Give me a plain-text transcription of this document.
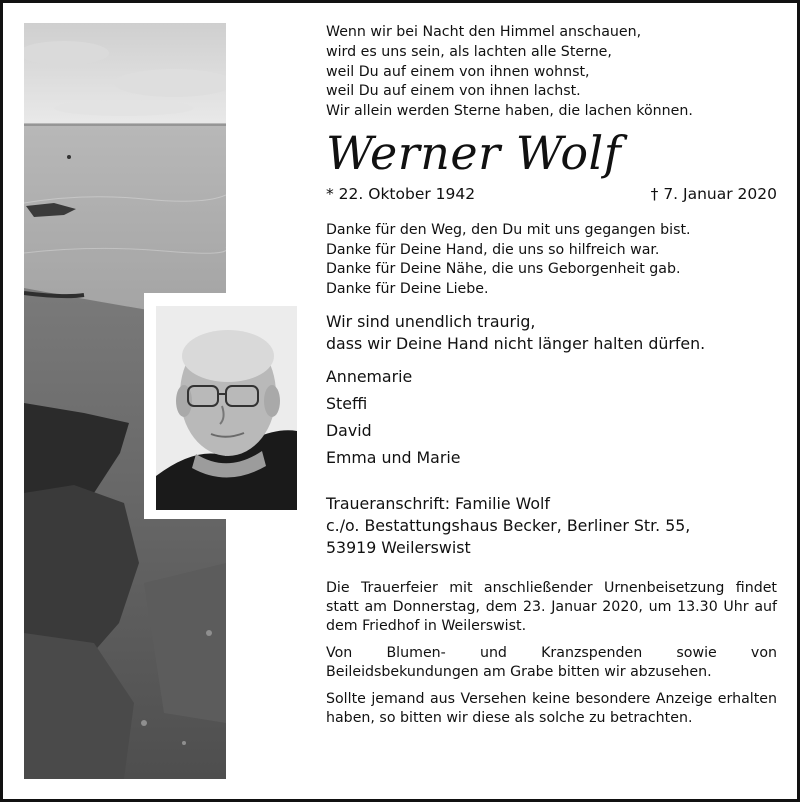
Wenn wir bei Nacht den Himmel anschauen,
wird es uns sein, als lachten alle Sterne,
weil Du auf einem von ihnen wohnst,
weil Du auf einem von ihnen lachst.
Wir allein werden Sterne haben, die lachen können.
Werner Wolf
* 22. Oktober 1942	† 7. Januar 2020
Danke für den Weg, den Du mit uns gegangen bist.
Danke für Deine Hand, die uns so hilfreich war.
Danke für Deine Nähe, die uns Geborgenheit gab.
Danke für Deine Liebe.
Wir sind unendlich traurig,
dass wir Deine Hand nicht länger halten dürfen.
Annemarie
Steffi
David
Emma und Marie
Traueranschrift: Familie Wolf
c./o. Bestattungshaus Becker, Berliner Str. 55,
53919 Weilerswist

Die Trauerfeier mit anschließender Urnenbeisetzung findet statt am Donnerstag, dem 23. Januar 2020, um 13.30 Uhr auf dem Friedhof in Weilerswist.

Von Blumen- und Kranzspenden sowie von Beileidsbekundungen am Grabe bitten wir abzusehen.

Sollte jemand aus Versehen keine besondere Anzeige erhalten haben, so bitten wir diese als solche zu betrachten.
